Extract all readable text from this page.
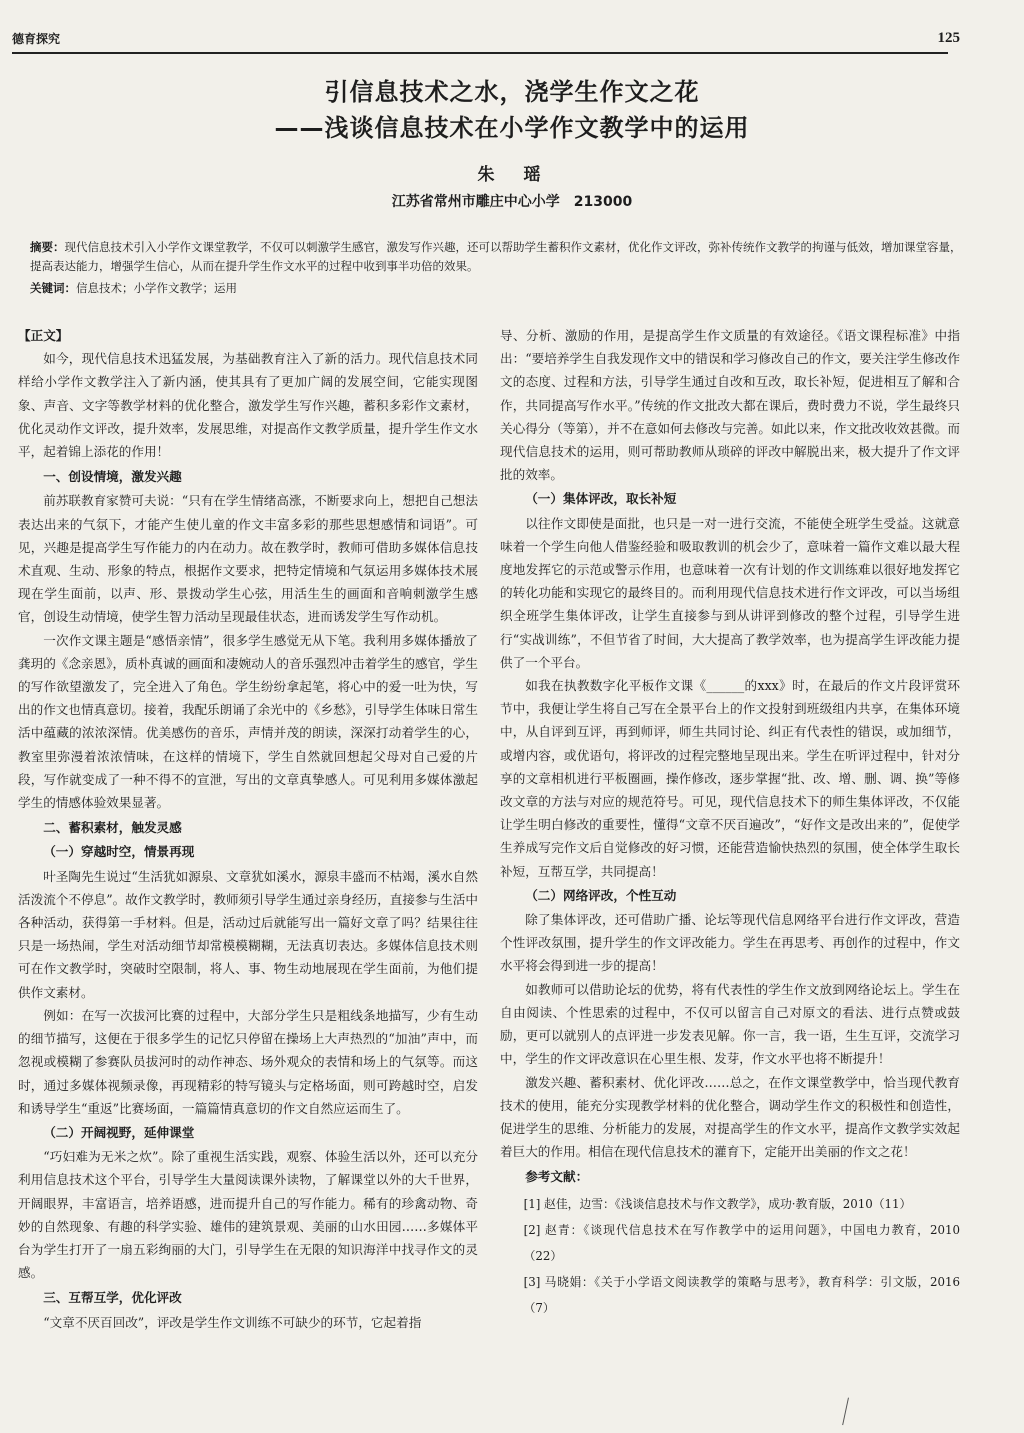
德育探究	125
引信息技术之水，浇学生作文之花
——浅谈信息技术在小学作文教学中的运用
朱　瑶
江苏省常州市雕庄中心小学　213000

摘要：现代信息技术引入小学作文课堂教学，不仅可以刺激学生感官，激发写作兴趣，还可以帮助学生蓄积作文素材，优化作文评改，弥补传统作文教学的拘谨与低效，增加课堂容量，提高表达能力，增强学生信心，从而在提升学生作文水平的过程中收到事半功倍的效果。

关键词：信息技术；小学作文教学；运用

【正文】

如今，现代信息技术迅猛发展，为基础教育注入了新的活力。现代信息技术同样给小学作文教学注入了新内涵，使其具有了更加广阔的发展空间，它能实现图象、声音、文字等教学材料的优化整合，激发学生写作兴趣，蓄积多彩作文素材，优化灵动作文评改，提升效率，发展思维，对提高作文教学质量，提升学生作文水平，起着锦上添花的作用！

一、创设情境，激发兴趣

前苏联教育家赞可夫说：“只有在学生情绪高涨，不断要求向上，想把自己想法表达出来的气氛下，才能产生使儿童的作文丰富多彩的那些思想感情和词语”。可见，兴趣是提高学生写作能力的内在动力。故在教学时，教师可借助多媒体信息技术直观、生动、形象的特点，根据作文要求，把特定情境和气氛运用多媒体技术展现在学生面前，以声、形、景拨动学生心弦，用活生生的画面和音响刺激学生感官，创设生动情境，使学生智力活动呈现最佳状态，进而诱发学生写作动机。

一次作文课主题是“感悟亲情”，很多学生感觉无从下笔。我利用多媒体播放了龚玥的《念亲恩》，质朴真诚的画面和凄婉动人的音乐强烈冲击着学生的感官，学生的写作欲望激发了，完全进入了角色。学生纷纷拿起笔，将心中的爱一吐为快，写出的作文也情真意切。接着，我配乐朗诵了余光中的《乡愁》，引导学生体味日常生活中蕴藏的浓浓深情。优美感伤的音乐，声情并茂的朗读，深深打动着学生的心，教室里弥漫着浓浓情味，在这样的情境下，学生自然就回想起父母对自己爱的片段，写作就变成了一种不得不的宣泄，写出的文章真挚感人。可见利用多媒体激起学生的情感体验效果显著。

二、蓄积素材，触发灵感
（一）穿越时空，情景再现

叶圣陶先生说过“生活犹如源泉、文章犹如溪水，源泉丰盛而不枯竭，溪水自然活泼流个不停息”。故作文教学时，教师须引导学生通过亲身经历，直接参与生活中各种活动，获得第一手材料。但是，活动过后就能写出一篇好文章了吗？结果往往只是一场热闹，学生对活动细节却常模模糊糊，无法真切表达。多媒体信息技术则可在作文教学时，突破时空限制，将人、事、物生动地展现在学生面前，为他们提供作文素材。

例如：在写一次拔河比赛的过程中，大部分学生只是粗线条地描写，少有生动的细节描写，这便在于很多学生的记忆只停留在操场上大声热烈的“加油”声中，而忽视或模糊了参赛队员拔河时的动作神态、场外观众的表情和场上的气氛等。而这时，通过多媒体视频录像，再现精彩的特写镜头与定格场面，则可跨越时空，启发和诱导学生“重返”比赛场面，一篇篇情真意切的作文自然应运而生了。

（二）开阔视野，延伸课堂

“巧妇难为无米之炊”。除了重视生活实践，观察、体验生活以外，还可以充分利用信息技术这个平台，引导学生大量阅读课外读物，了解课堂以外的大千世界，开阔眼界，丰富语言，培养语感，进而提升自己的写作能力。稀有的珍禽动物、奇妙的自然现象、有趣的科学实验、雄伟的建筑景观、美丽的山水田园……多媒体平台为学生打开了一扇五彩绚丽的大门，引导学生在无限的知识海洋中找寻作文的灵感。

三、互帮互学，优化评改

“文章不厌百回改”，评改是学生作文训练不可缺少的环节，它起着指

导、分析、激励的作用，是提高学生作文质量的有效途径。《语文课程标准》中指出：“要培养学生自我发现作文中的错误和学习修改自己的作文，要关注学生修改作文的态度、过程和方法，引导学生通过自改和互改，取长补短，促进相互了解和合作，共同提高写作水平。”传统的作文批改大都在课后，费时费力不说，学生最终只关心得分（等第），并不在意如何去修改与完善。如此以来，作文批改收效甚微。而现代信息技术的运用，则可帮助教师从琐碎的评改中解脱出来，极大提升了作文评批的效率。

（一）集体评改，取长补短

以往作文即使是面批，也只是一对一进行交流，不能使全班学生受益。这就意味着一个学生向他人借鉴经验和吸取教训的机会少了，意味着一篇作文难以最大程度地发挥它的示范或警示作用，也意味着一次有计划的作文训练难以很好地发挥它的转化功能和实现它的最终目的。而利用现代信息技术进行作文评改，可以当场组织全班学生集体评改，让学生直接参与到从讲评到修改的整个过程，引导学生进行“实战训练”，不但节省了时间，大大提高了教学效率，也为提高学生评改能力提供了一个平台。

如我在执教数字化平板作文课《______的xxx》时，在最后的作文片段评赏环节中，我便让学生将自己写在全景平台上的作文投射到班级组内共享，在集体环境中，从自评到互评，再到师评，师生共同讨论、纠正有代表性的错误，或加细节，或增内容，或优语句，将评改的过程完整地呈现出来。学生在听评过程中，针对分享的文章相机进行平板圈画，操作修改，逐步掌握“批、改、增、删、调、换”等修改文章的方法与对应的规范符号。可见，现代信息技术下的师生集体评改，不仅能让学生明白修改的重要性，懂得“文章不厌百遍改”，“好作文是改出来的”，促使学生养成写完作文后自觉修改的好习惯，还能营造愉快热烈的氛围，使全体学生取长补短，互帮互学，共同提高！

（二）网络评改，个性互动

除了集体评改，还可借助广播、论坛等现代信息网络平台进行作文评改，营造个性评改氛围，提升学生的作文评改能力。学生在再思考、再创作的过程中，作文水平将会得到进一步的提高！

如教师可以借助论坛的优势，将有代表性的学生作文放到网络论坛上。学生在自由阅读、个性思索的过程中，不仅可以留言自己对原文的看法、进行点赞或鼓励，更可以就别人的点评进一步发表见解。你一言，我一语，生生互评，交流学习中，学生的作文评改意识在心里生根、发芽，作文水平也将不断提升！

激发兴趣、蓄积素材、优化评改……总之，在作文课堂教学中，恰当现代教育技术的使用，能充分实现教学材料的优化整合，调动学生作文的积极性和创造性，促进学生的思维、分析能力的发展，对提高学生的作文水平，提高作文教学实效起着巨大的作用。相信在现代信息技术的灌育下，定能开出美丽的作文之花！

参考文献：
[1] 赵佳，边雪：《浅谈信息技术与作文教学》，成功·教育版，2010（11）
[2] 赵青：《谈现代信息技术在写作教学中的运用问题》，中国电力教育，2010（22）
[3] 马晓娟：《关于小学语文阅读教学的策略与思考》，教育科学：引文版，2016（7）
